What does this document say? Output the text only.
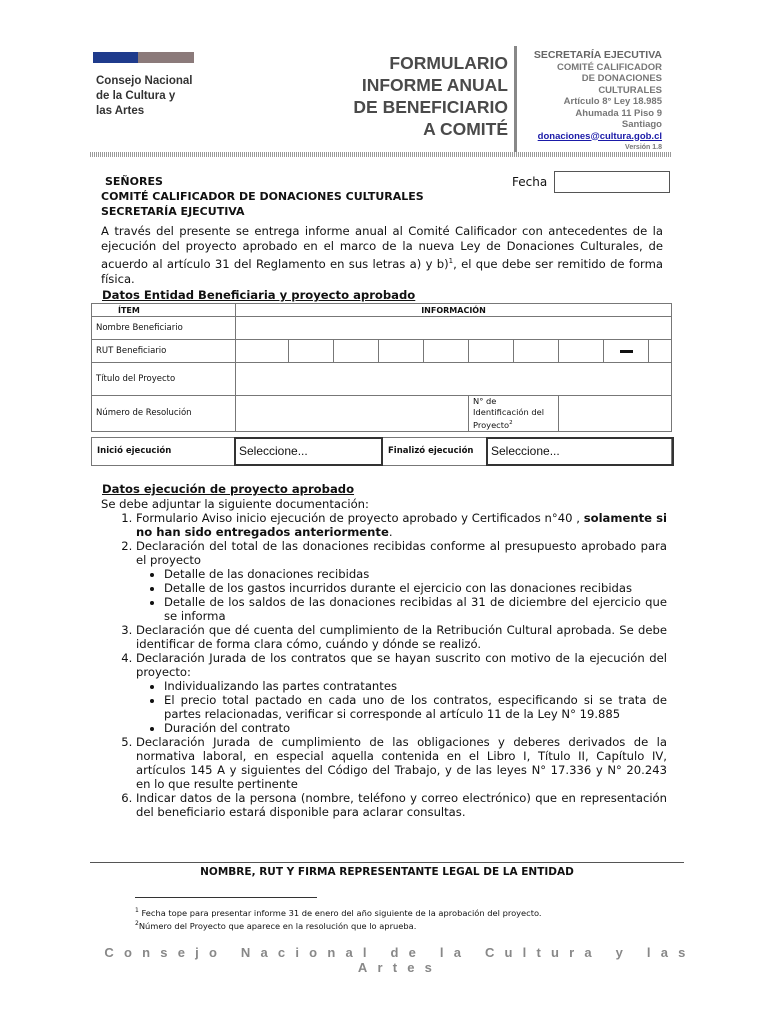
Consejo Nacional
de la Cultura y
las Artes
FORMULARIO
INFORME ANUAL
DE BENEFICIARIO
A COMITÉ
SECRETARÍA EJECUTIVA
COMITÉ CALIFICADOR
DE DONACIONES
CULTURALES
Artículo 8° Ley 18.985
Ahumada 11 Piso 9
Santiago
donaciones@cultura.gob.cl
Versión 1.8
SEÑORES
COMITÉ CALIFICADOR DE DONACIONES CULTURALES
SECRETARÍA EJECUTIVA
Fecha
A través del presente se entrega informe anual al Comité Calificador con antecedentes de la ejecución del proyecto aprobado en el marco de la nueva Ley de Donaciones Culturales, de acuerdo al artículo 31 del Reglamento en sus letras a) y b)$^1$, el que debe ser remitido de forma física.
Datos Entidad Beneficiaria y proyecto aprobado
ÍTEM	INFORMACIÓN									
Nombre Beneficiario										
RUT Beneficiario										
Título del Proyecto										
Número de Resolución						N° de Identificación del Proyecto$^2$	
Inició ejecución	Seleccione...	Finalizó ejecución	Seleccione...
Datos ejecución de proyecto aprobado
Se debe adjuntar la siguiente documentación:
1. Formulario Aviso inicio ejecución de proyecto aprobado y Certificados n°40 , solamente si no han sido entregados anteriormente.
2. Declaración del total de las donaciones recibidas conforme al presupuesto aprobado para el proyecto
• Detalle de las donaciones recibidas
• Detalle de los gastos incurridos durante el ejercicio con las donaciones recibidas
• Detalle de los saldos de las donaciones recibidas al 31 de diciembre del ejercicio que se informa
3. Declaración que dé cuenta del cumplimiento de la Retribución Cultural aprobada. Se debe identificar de forma clara cómo, cuándo y dónde se realizó.
4. Declaración Jurada de los contratos que se hayan suscrito con motivo de la ejecución del proyecto:
• Individualizando las partes contratantes
• El precio total pactado en cada uno de los contratos, especificando si se trata de partes relacionadas, verificar si corresponde al artículo 11 de la Ley N° 19.885
• Duración del contrato
5. Declaración Jurada de cumplimiento de las obligaciones y deberes derivados de la normativa laboral, en especial aquella contenida en el Libro I, Título II, Capítulo IV, artículos 145 A y siguientes del Código del Trabajo, y de las leyes N° 17.336 y N° 20.243 en lo que resulte pertinente
6. Indicar datos de la persona (nombre, teléfono y correo electrónico) que en representación del beneficiario estará disponible para aclarar consultas.
NOMBRE, RUT Y FIRMA REPRESENTANTE LEGAL DE LA ENTIDAD
$^1$ Fecha tope para presentar informe 31 de enero del año siguiente de la aprobación del proyecto.
$^2$Número del Proyecto que aparece en la resolución que lo aprueba.
Consejo Nacional de la Cultura y las Artes
